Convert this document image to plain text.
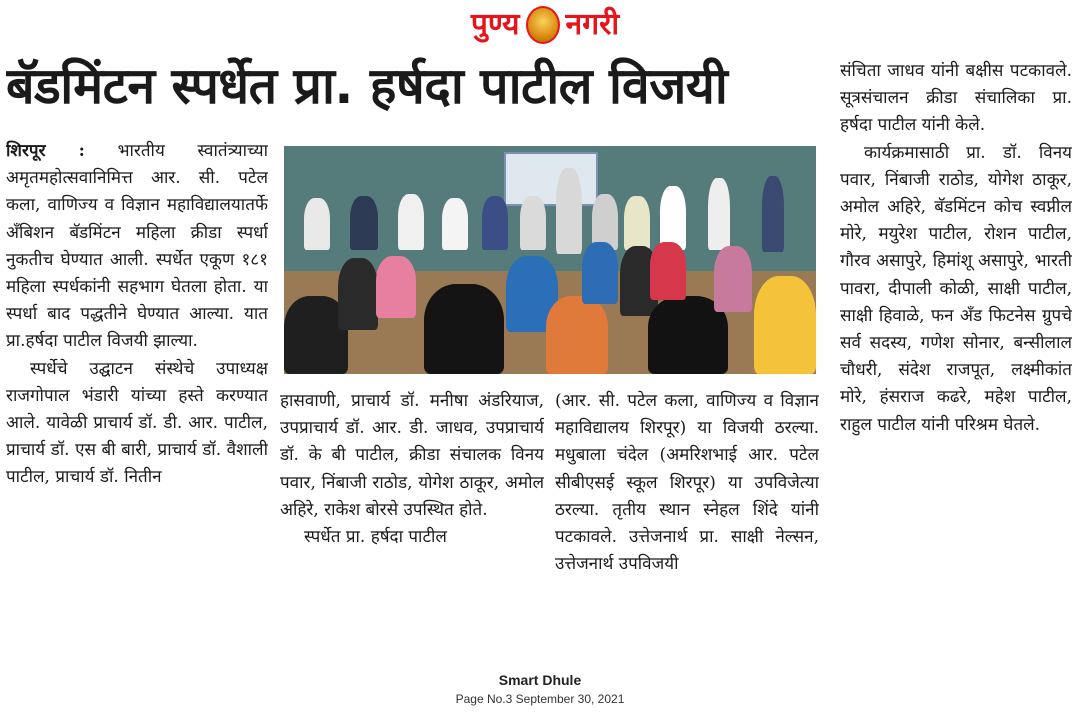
पुण्य नगरी
बॅडमिंटन स्पर्धेत प्रा. हर्षदा पाटील विजयी

शिरपूर : भारतीय स्वातंत्र्याच्या अमृतमहोत्सवानिमित्त आर. सी. पटेल कला, वाणिज्य व विज्ञान महाविद्यालयातर्फे अँबिशन बॅडमिंटन महिला क्रीडा स्पर्धा नुकतीच घेण्यात आली. स्पर्धेत एकूण १८१ महिला स्पर्धकांनी सहभाग घेतला होता. या स्पर्धा बाद पद्धतीने घेण्यात आल्या. यात प्रा.हर्षदा पाटील विजयी झाल्या.

स्पर्धेचे उद्घाटन संस्थेचे उपाध्यक्ष राजगोपाल भंडारी यांच्या हस्ते करण्यात आले. यावेळी प्राचार्य डॉ. डी. आर. पाटील, प्राचार्य डॉ. एस बी बारी, प्राचार्य डॉ. वैशाली पाटील, प्राचार्य डॉ. नितीन

हासवाणी, प्राचार्य डॉ. मनीषा अंडरियाज, उपप्राचार्य डॉ. आर. डी. जाधव, उपप्राचार्य डॉ. के बी पाटील, क्रीडा संचालक विनय पवार, निंबाजी राठोड, योगेश ठाकूर, अमोल अहिरे, राकेश बोरसे उपस्थित होते.

स्पर्धेत प्रा. हर्षदा पाटील

(आर. सी. पटेल कला, वाणिज्य व विज्ञान महाविद्यालय शिरपूर) या विजयी ठरल्या. मधुबाला चंदेल (अमरिशभाई आर. पटेल सीबीएसई स्कूल शिरपूर) या उपविजेत्या ठरल्या. तृतीय स्थान स्नेहल शिंदे यांनी पटकावले. उत्तेजनार्थ प्रा. साक्षी नेल्सन, उत्तेजनार्थ उपविजयी

संचिता जाधव यांनी बक्षीस पटकावले. सूत्रसंचालन क्रीडा संचालिका प्रा. हर्षदा पाटील यांनी केले.

कार्यक्रमासाठी प्रा. डॉ. विनय पवार, निंबाजी राठोड, योगेश ठाकूर, अमोल अहिरे, बॅडमिंटन कोच स्वप्नील मोरे, मयुरेश पाटील, रोशन पाटील, गौरव असापुरे, हिमांशू असापुरे, भारती पावरा, दीपाली कोळी, साक्षी पाटील, साक्षी हिवाळे, फन अँड फिटनेस ग्रुपचे सर्व सदस्य, गणेश सोनार, बन्सीलाल चौधरी, संदेश राजपूत, लक्ष्मीकांत मोरे, हंसराज कढरे, महेश पाटील, राहुल पाटील यांनी परिश्रम घेतले.

Smart Dhule
Page No.3 September 30, 2021
